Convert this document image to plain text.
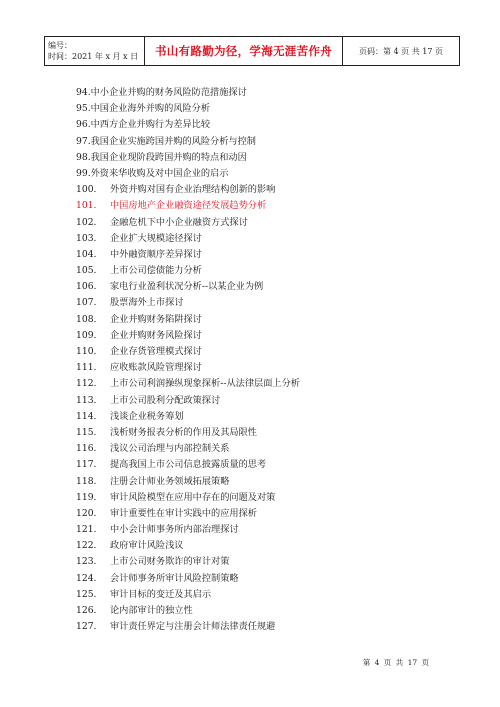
编号：
时间：2021 年 x 月 x 日	书山有路勤为径，学海无涯苦作舟	页码：第 4 页 共 17 页
94. 中小企业并购的财务风险防范措施探讨
95. 中国企业海外并购的风险分析
96. 中西方企业并购行为差异比较
97. 我国企业实施跨国并购的风险分析与控制
98. 我国企业现阶段跨国并购的特点和动因
99. 外资来华收购及对中国企业的启示
100.	外资并购对国有企业治理结构创新的影响
101.	中国房地产企业融资途径发展趋势分析
102.	金融危机下中小企业融资方式探讨
103.	企业扩大规模途径探讨
104.	中外融资顺序差异探讨
105.	上市公司偿债能力分析
106.	家电行业盈利状况分析--以某企业为例
107.	股票海外上市探讨
108.	企业并购财务陷阱探讨
109.	企业并购财务风险探讨
110.	企业存货管理模式探讨
111.	应收账款风险管理探讨
112.	上市公司利润操纵现象探析--从法律层面上分析
113.	上市公司股利分配政策探讨
114.	浅谈企业税务筹划
115.	浅析财务报表分析的作用及其局限性
116.	浅议公司治理与内部控制关系
117.	提高我国上市公司信息披露质量的思考
118.	注册会计师业务领域拓展策略
119.	审计风险模型在应用中存在的问题及对策
120.	审计重要性在审计实践中的应用探析
121.	中小会计师事务所内部治理探讨
122.	政府审计风险浅议
123.	上市公司财务欺诈的审计对策
124.	会计师事务所审计风险控制策略
125.	审计目标的变迁及其启示
126.	论内部审计的独立性
127.	审计责任界定与注册会计师法律责任规避
第 4 页 共 17 页
